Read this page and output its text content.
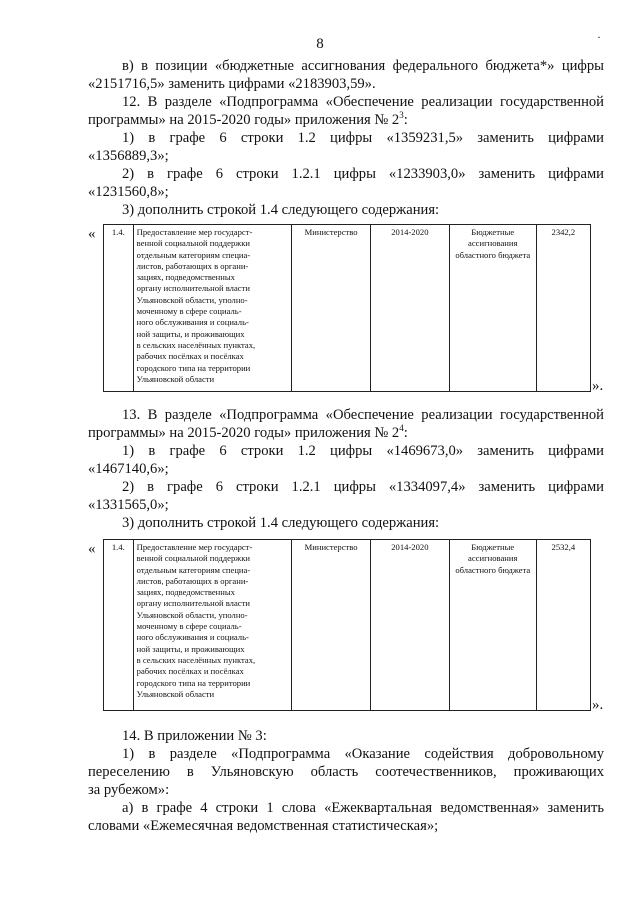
8	·
в) в позиции «бюджетные ассигнования федерального бюджета*» цифры
«2151716,5» заменить цифрами «2183903,59».
12. В разделе «Подпрограмма «Обеспечение реализации государственной
программы» на 2015-2020 годы» приложения № $2^3$:
1) в графе 6 строки 1.2 цифры «1359231,5» заменить цифрами
«1356889,3»;
2) в графе 6 строки 1.2.1 цифры «1233903,0» заменить цифрами
«1231560,8»;
3) дополнить строкой 1.4 следующего содержания:
« 1.4.	Предоставление мер государст-
венной социальной поддержки
отдельным категориям специа-
листов, работающих в органи-
зациях, подведомственных
органу исполнительной власти
Ульяновской области, уполно-
моченному в сфере социаль-
ного обслуживания и социаль-
ной защиты, и проживающих
в сельских населённых пунктах,
рабочих посёлках и посёлках
городского типа на территории
Ульяновской области
	Министерство	2014-2020	Бюджетные ассигнования областного бюджета	2342,2
».
13. В разделе «Подпрограмма «Обеспечение реализации государственной
программы» на 2015-2020 годы» приложения № $2^4$:
1) в графе 6 строки 1.2 цифры «1469673,0» заменить цифрами
«1467140,6»;
2) в графе 6 строки 1.2.1 цифры «1334097,4» заменить цифрами
«1331565,0»;
3) дополнить строкой 1.4 следующего содержания:
« 1.4.	Предоставление мер государст-
венной социальной поддержки
отдельным категориям специа-
листов, работающих в органи-
зациях, подведомственных
органу исполнительной власти
Ульяновской области, уполно-
моченному в сфере социаль-
ного обслуживания и социаль-
ной защиты, и проживающих
в сельских населённых пунктах,
рабочих посёлках и посёлках
городского типа на территории
Ульяновской области
	Министерство	2014-2020	Бюджетные ассигнования областного бюджета	2532,4
».
14. В приложении № 3:
1) в разделе «Подпрограмма «Оказание содействия добровольному
переселению в Ульяновскую область соотечественников, проживающих
за рубежом»:
а) в графе 4 строки 1 слова «Ежеквартальная ведомственная» заменить
словами «Ежемесячная ведомственная статистическая»;
